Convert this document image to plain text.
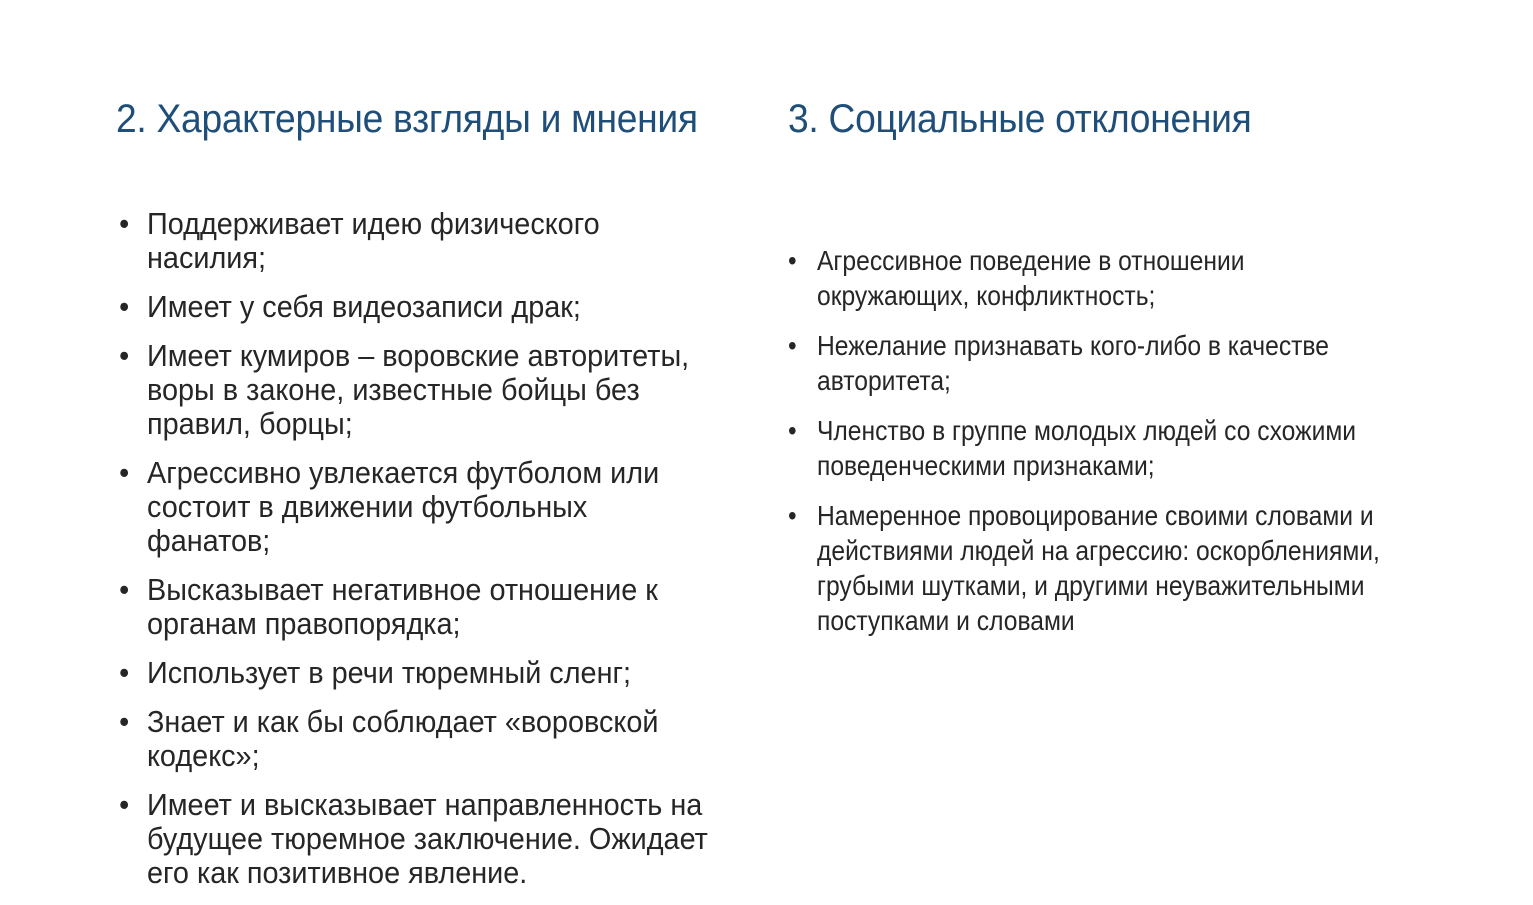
2. Характерные взгляды и мнения 3. Социальные отклонения
• Поддерживает идею физического насилия;
• Имеет у себя видеозаписи драк;
• Имеет кумиров – воровские авторитеты, воры в законе, известные бойцы без правил, борцы;
• Агрессивно увлекается футболом или состоит в движении футбольных фанатов;
• Высказывает негативное отношение к органам правопорядка;
• Использует в речи тюремный сленг;
• Знает и как бы соблюдает «воровской кодекс»;
• Имеет и высказывает направленность на будущее тюремное заключение. Ожидает его как позитивное явление.
• Агрессивное поведение в отношении окружающих, конфликтность;
• Нежелание признавать кого-либо в качестве авторитета;
• Членство в группе молодых людей со схожими поведенческими признаками;
• Намеренное провоцирование своими словами и действиями людей на агрессию: оскорблениями, грубыми шутками, и другими неуважительными поступками и словами
